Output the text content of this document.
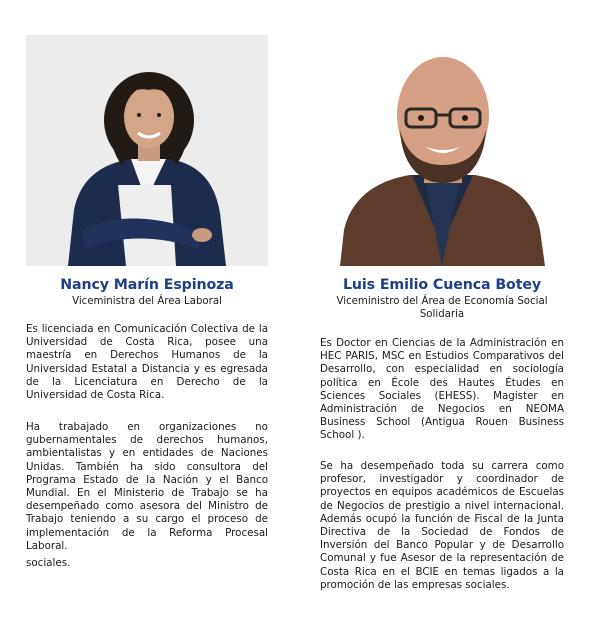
Nancy Marín Espinoza
Viceministra del Área Laboral

Es licenciada en Comunicación Colectiva de la Universidad de Costa Rica, posee una maestría en Derechos Humanos de la Universidad Estatal a Distancia y es egresada de la Licenciatura en Derecho de la Universidad de Costa Rica.

Ha trabajado en organizaciones no gubernamentales de derechos humanos, ambientalistas y en entidades de Naciones Unidas. También ha sido consultora del Programa Estado de la Nación y el Banco Mundial. En el Ministerio de Trabajo se ha desempeñado como asesora del Ministro de Trabajo teniendo a su cargo el proceso de implementación de la Reforma Procesal Laboral.

sociales.

Luis Emilio Cuenca Botey
Viceministro del Área de Economía Social
Solidaria

Es Doctor en Ciencias de la Administración en HEC PARIS, MSC en Estudios Comparativos del Desarrollo, con especialidad en sociología política en École des Hautes Études en Sciences Sociales (EHESS). Magister en Administración de Negocios en NEOMA Business School (Antigua Rouen Business School ).

Se ha desempeñado toda su carrera como profesor, investigador y coordinador de proyectos en equipos académicos de Escuelas de Negocios de prestigio a nivel internacional. Además ocupó la función de Fiscal de la Junta Directiva de la Sociedad de Fondos de Inversión del Banco Popular y de Desarrollo Comunal y fue Asesor de la representación de Costa Rica en el BCIE en temas ligados a la promoción de las empresas sociales.
